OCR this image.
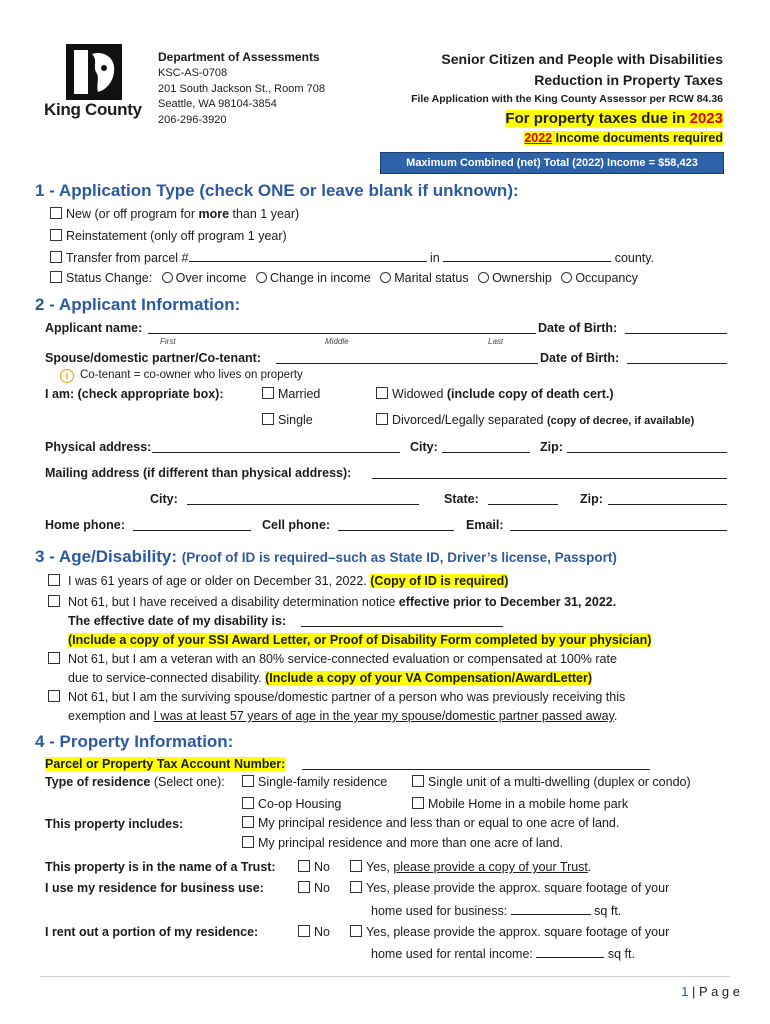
King County
Department of Assessments
KSC-AS-0708
201 South Jackson St., Room 708
Seattle, WA 98104-3854
206-296-3920
Senior Citizen and People with Disabilities
Reduction in Property Taxes
File Application with the King County Assessor per RCW 84.36
For property taxes due in 2023
2022 Income documents required
Maximum Combined (net) Total (2022) Income = $58,423
1 - Application Type (check ONE or leave blank if unknown):
New (or off program for more than 1 year)
Reinstatement (only off program 1 year)
Transfer from parcel #	in	county.
Status Change: Over income Change in income Marital status Ownership Occupancy
2 - Applicant Information:
Applicant name:	Date of Birth:
First	Middle	Last
Spouse/domestic partner/Co-tenant:	Date of Birth:
i Co-tenant = co-owner who lives on property
I am: (check appropriate box):	Married	Widowed (include copy of death cert.)
Single	Divorced/Legally separated (copy of decree, if available)
Physical address:	City:	Zip:
Mailing address (if different than physical address):
City:	State:	Zip:
Home phone:	Cell phone:	Email:
3 - Age/Disability: (Proof of ID is required–such as State ID, Driver’s license, Passport)
I was 61 years of age or older on December 31, 2022. (Copy of ID is required)
Not 61, but I have received a disability determination notice effective prior to December 31, 2022.
The effective date of my disability is:
(Include a copy of your SSI Award Letter, or Proof of Disability Form completed by your physician)
Not 61, but I am a veteran with an 80% service-connected evaluation or compensated at 100% rate
due to service-connected disability. (Include a copy of your VA Compensation/AwardLetter)
Not 61, but I am the surviving spouse/domestic partner of a person who was previously receiving this
exemption and I was at least 57 years of age in the year my spouse/domestic partner passed away.
4 - Property Information:
Parcel or Property Tax Account Number:
Type of residence (Select one):	Single-family residence	Single unit of a multi-dwelling (duplex or condo)
Co-op Housing	Mobile Home in a mobile home park
This property includes:	My principal residence and less than or equal to one acre of land.
My principal residence and more than one acre of land.
This property is in the name of a Trust:	No	Yes, please provide a copy of your Trust.
I use my residence for business use:	No	Yes, please provide the approx. square footage of your
home used for business:	sq ft.
I rent out a portion of my residence:	No	Yes, please provide the approx. square footage of your
home used for rental income:	sq ft.
1 | P a g e
